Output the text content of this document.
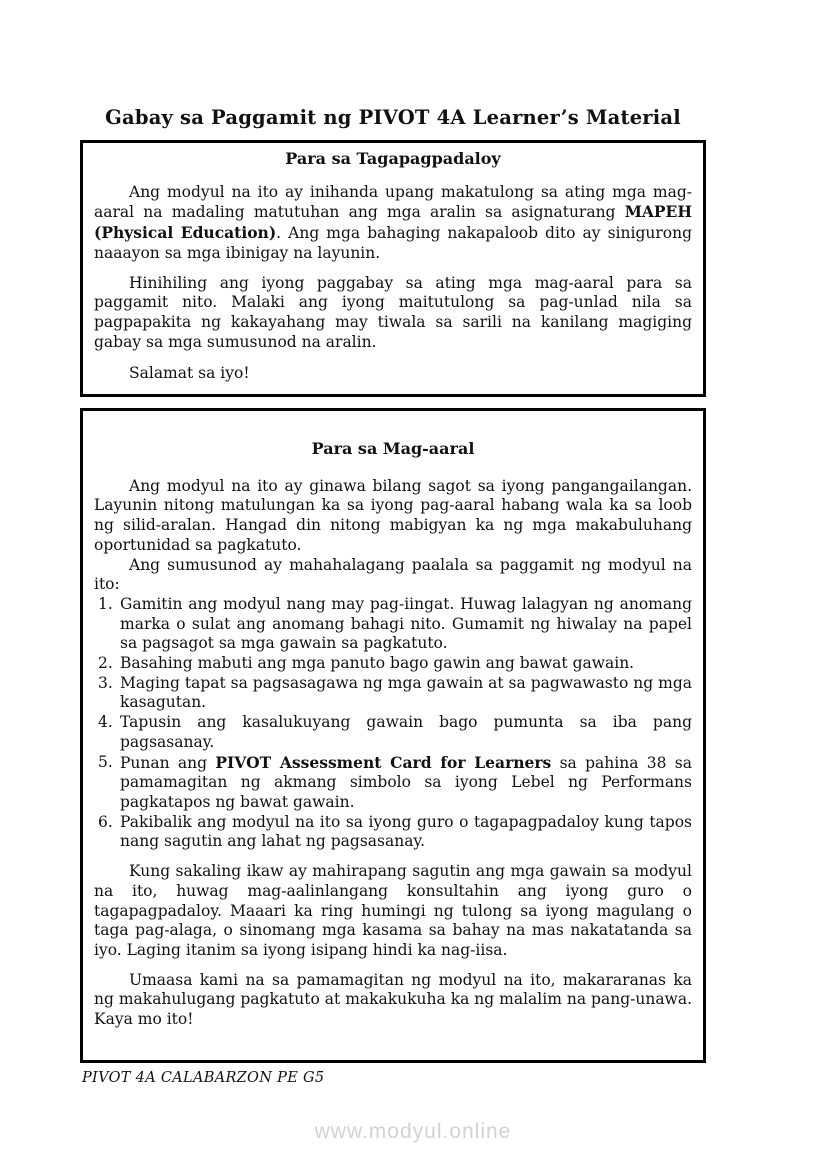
Gabay sa Paggamit ng PIVOT 4A Learner’s Material
Para sa Tagapagpadaloy

Ang modyul na ito ay inihanda upang makatulong sa ating mga mag-aaral na madaling matutuhan ang mga aralin sa asignaturang MAPEH (Physical Education). Ang mga bahaging nakapaloob dito ay sinigurong naaayon sa mga ibinigay na layunin.

Hinihiling ang iyong paggabay sa ating mga mag-aaral para sa paggamit nito. Malaki ang iyong maitutulong sa pag-unlad nila sa pagpapakita ng kakayahang may tiwala sa sarili na kanilang magiging gabay sa mga sumusunod na aralin.

Salamat sa iyo!

Para sa Mag-aaral

Ang modyul na ito ay ginawa bilang sagot sa iyong pangangailangan. Layunin nitong matulungan ka sa iyong pag-aaral habang wala ka sa loob ng silid-aralan. Hangad din nitong mabigyan ka ng mga makabuluhang oportunidad sa pagkatuto.

Ang sumusunod ay mahahalagang paalala sa paggamit ng modyul na ito:

1. Gamitin ang modyul nang may pag-iingat. Huwag lalagyan ng anomang marka o sulat ang anomang bahagi nito. Gumamit ng hiwalay na papel sa pagsagot sa mga gawain sa pagkatuto.
2. Basahing mabuti ang mga panuto bago gawin ang bawat gawain.
3. Maging tapat sa pagsasagawa ng mga gawain at sa pagwawasto ng mga kasagutan.
4. Tapusin ang kasalukuyang gawain bago pumunta sa iba pang pagsasanay.
5. Punan ang PIVOT Assessment Card for Learners sa pahina 38 sa pamamagitan ng akmang simbolo sa iyong Lebel ng Performans pagkatapos ng bawat gawain.
6. Pakibalik ang modyul na ito sa iyong guro o tagapagpadaloy kung tapos nang sagutin ang lahat ng pagsasanay.

Kung sakaling ikaw ay mahirapang sagutin ang mga gawain sa modyul na ito, huwag mag-aalinlangang konsultahin ang iyong guro o tagapagpadaloy. Maaari ka ring humingi ng tulong sa iyong magulang o taga pag-alaga, o sinomang mga kasama sa bahay na mas nakatatanda sa iyo. Laging itanim sa iyong isipang hindi ka nag-iisa.

Umaasa kami na sa pamamagitan ng modyul na ito, makararanas ka ng makahulugang pagkatuto at makakukuha ka ng malalim na pang-unawa. Kaya mo ito!

PIVOT 4A CALABARZON PE G5
www.modyul.online
